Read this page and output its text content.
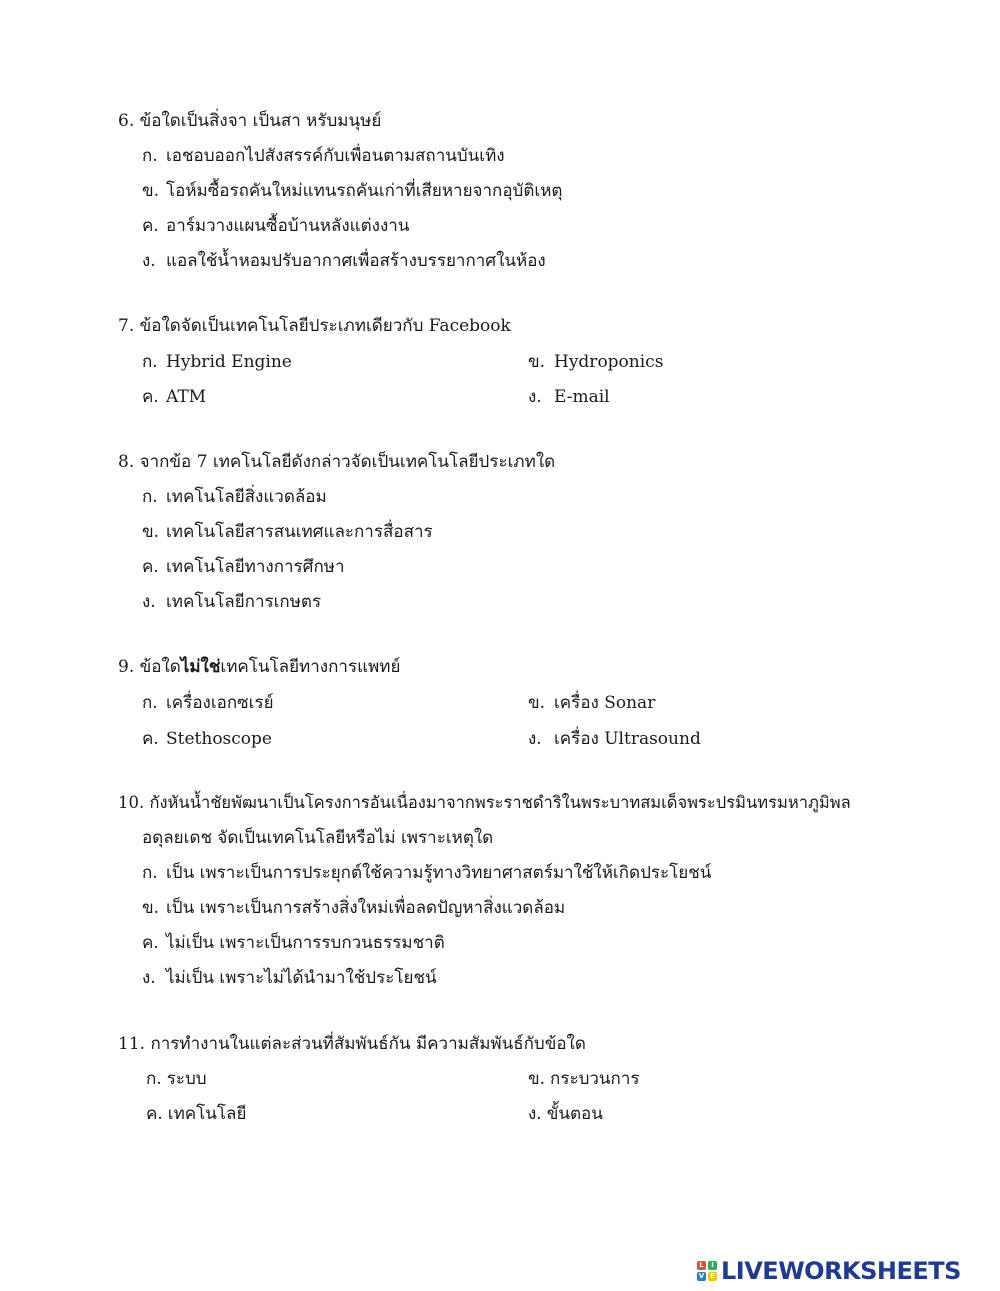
6. ข้อใดเป็นสิ่งจา เป็นสา หรับมนุษย์
ก. เอชอบออกไปสังสรรค์กับเพื่อนตามสถานบันเทิง
ข. โอห์มซื้อรถคันใหม่แทนรถคันเก่าที่เสียหายจากอุบัติเหตุ
ค. อาร์มวางแผนซื้อบ้านหลังแต่งงาน
ง. แอลใช้น้ำหอมปรับอากาศเพื่อสร้างบรรยากาศในห้อง
7. ข้อใดจัดเป็นเทคโนโลยีประเภทเดียวกับ Facebook
ก. Hybrid Engine	ข. Hydroponics
ค. ATM	ง. E-mail
8. จากข้อ 7 เทคโนโลยีดังกล่าวจัดเป็นเทคโนโลยีประเภทใด
ก. เทคโนโลยีสิ่งแวดล้อม
ข. เทคโนโลยีสารสนเทศและการสื่อสาร
ค. เทคโนโลยีทางการศึกษา
ง. เทคโนโลยีการเกษตร
9. ข้อใดไม่ใช่เทคโนโลยีทางการแพทย์
ก. เครื่องเอกซเรย์	ข. เครื่อง Sonar
ค. Stethoscope	ง. เครื่อง Ultrasound
10. กังหันน้ำชัยพัฒนาเป็นโครงการอันเนื่องมาจากพระราชดำริในพระบาทสมเด็จพระปรมินทรมหาภูมิพล
อดุลยเดช จัดเป็นเทคโนโลยีหรือไม่ เพราะเหตุใด
ก. เป็น เพราะเป็นการประยุกต์ใช้ความรู้ทางวิทยาศาสตร์มาใช้ให้เกิดประโยชน์
ข. เป็น เพราะเป็นการสร้างสิ่งใหม่เพื่อลดปัญหาสิ่งแวดล้อม
ค. ไม่เป็น เพราะเป็นการรบกวนธรรมชาติ
ง. ไม่เป็น เพราะไม่ได้นำมาใช้ประโยชน์
11. การทำงานในแต่ละส่วนที่สัมพันธ์กัน มีความสัมพันธ์กับข้อใด
ก. ระบบ	ข. กระบวนการ
ค. เทคโนโลยี	ง. ขั้นตอน
L	I
V E LIVEWORKSHEETS
